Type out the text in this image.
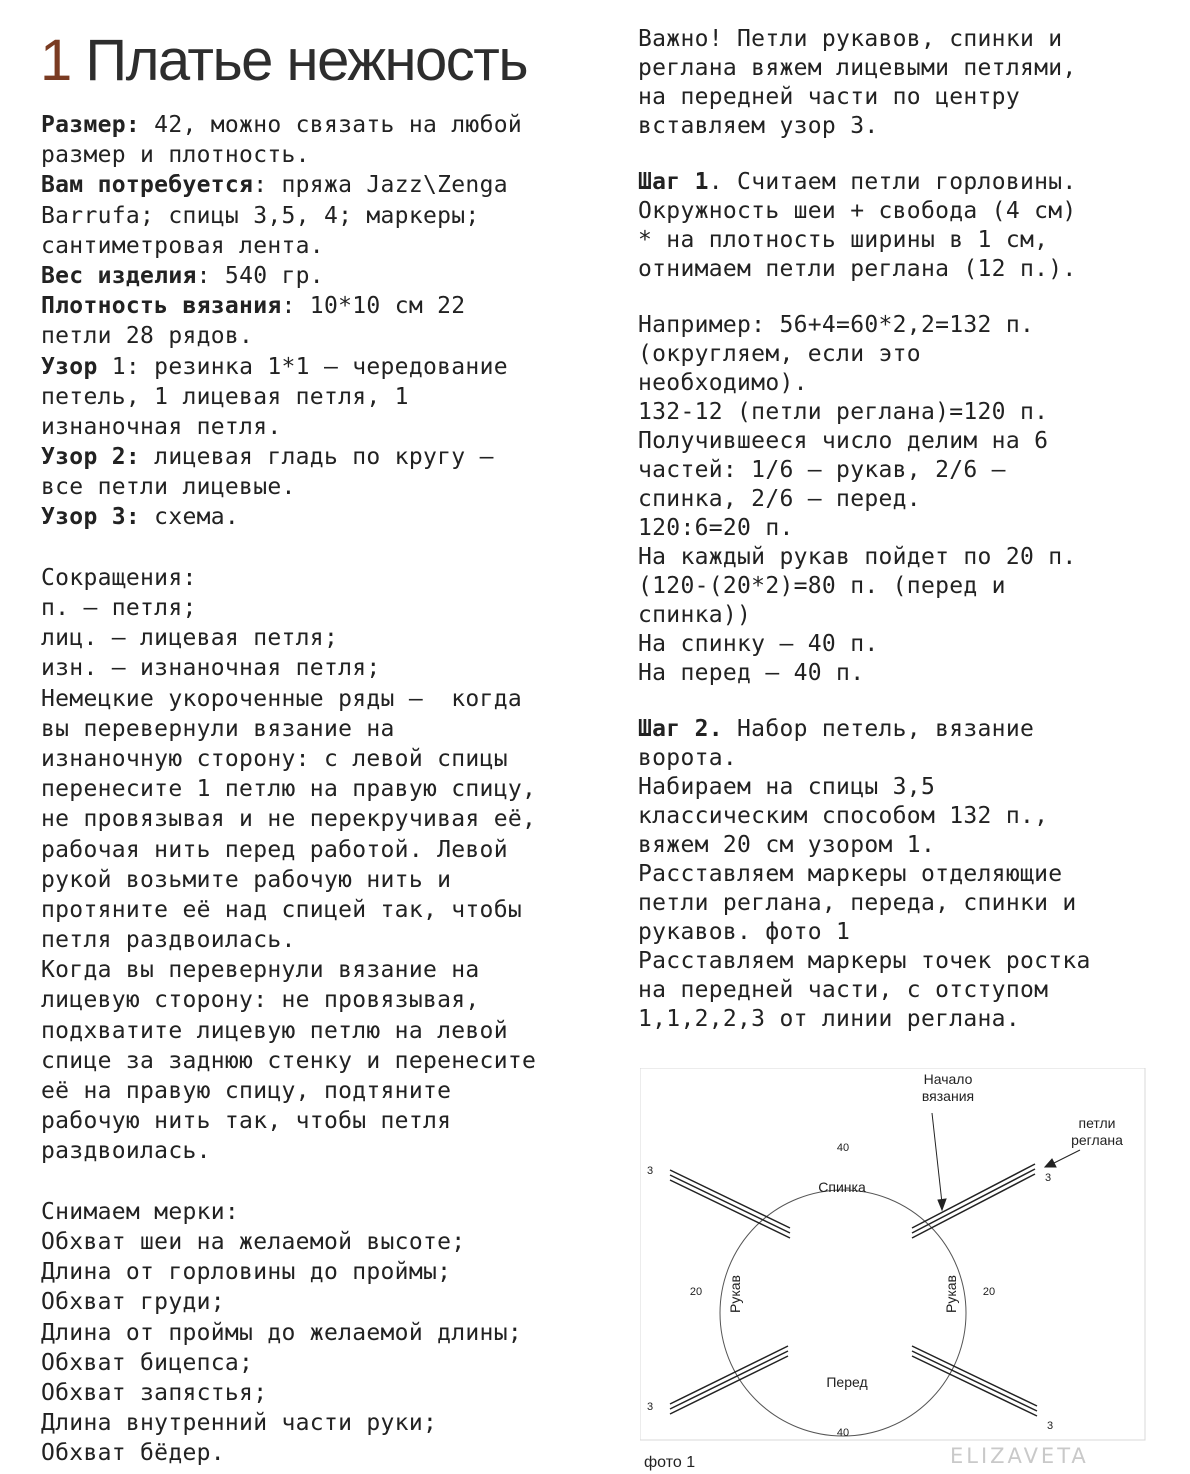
1 Платье нежность
Размер: 42, можно связать на любой
размер и плотность.
Вам потребуется: пряжа Jazz\Zenga
Barrufa; спицы 3,5, 4; маркеры;
сантиметровая лента.
Вес изделия: 540 гр.
Плотность вязания: 10*10 см 22
петли 28 рядов.
Узор 1: резинка 1*1 – чередование
петель, 1 лицевая петля, 1
изнаночная петля.
Узор 2: лицевая гладь по кругу –
все петли лицевые.
Узор 3: схема.
Сокращения:
п. – петля;
лиц. – лицевая петля;
изн. – изнаночная петля;
Немецкие укороченные ряды –  когда
вы перевернули вязание на
изнаночную сторону: с левой спицы
перенесите 1 петлю на правую спицу,
не провязывая и не перекручивая её,
рабочая нить перед работой. Левой
рукой возьмите рабочую нить и
протяните её над спицей так, чтобы
петля раздвоилась.
Когда вы перевернули вязание на
лицевую сторону: не провязывая,
подхватите лицевую петлю на левой
спице за заднюю стенку и перенесите
её на правую спицу, подтяните
рабочую нить так, чтобы петля
раздвоилась.
Снимаем мерки:
Обхват шеи на желаемой высоте;
Длина от горловины до проймы;
Обхват груди;
Длина от проймы до желаемой длины;
Обхват бицепса;
Обхват запястья;
Длина внутренний части руки;
Обхват бёдер.
Важно! Петли рукавов, спинки и
реглана вяжем лицевыми петлями,
на передней части по центру
вставляем узор 3.
Шаг 1. Считаем петли горловины.
Окружность шеи + свобода (4 см)
* на плотность ширины в 1 см,
отнимаем петли реглана (12 п.).
Например: 56+4=60*2,2=132 п.
(округляем, если это
необходимо).
132-12 (петли реглана)=120 п.
Получившееся число делим на 6
частей: 1/6 – рукав, 2/6 –
спинка, 2/6 – перед.
120:6=20 п.
На каждый рукав пойдет по 20 п.
(120-(20*2)=80 п. (перед и
спинка))
На спинку – 40 п.
На перед – 40 п.
Шаг 2. Набор петель, вязание
ворота.
Набираем на спицы 3,5
классическим способом 132 п.,
вяжем 20 см узором 1.
Расставляем маркеры отделяющие
петли реглана, переда, спинки и
рукавов. фото 1
Расставляем маркеры точек ростка
на передней части, с отступом
1,1,2,2,3 от линии реглана.
Начало
вязания
петли
реглана
40
40
20	20
3
3
3
3
Спинка
Перед
Рукав	Рукав
фото 1	ELIZAVETA
